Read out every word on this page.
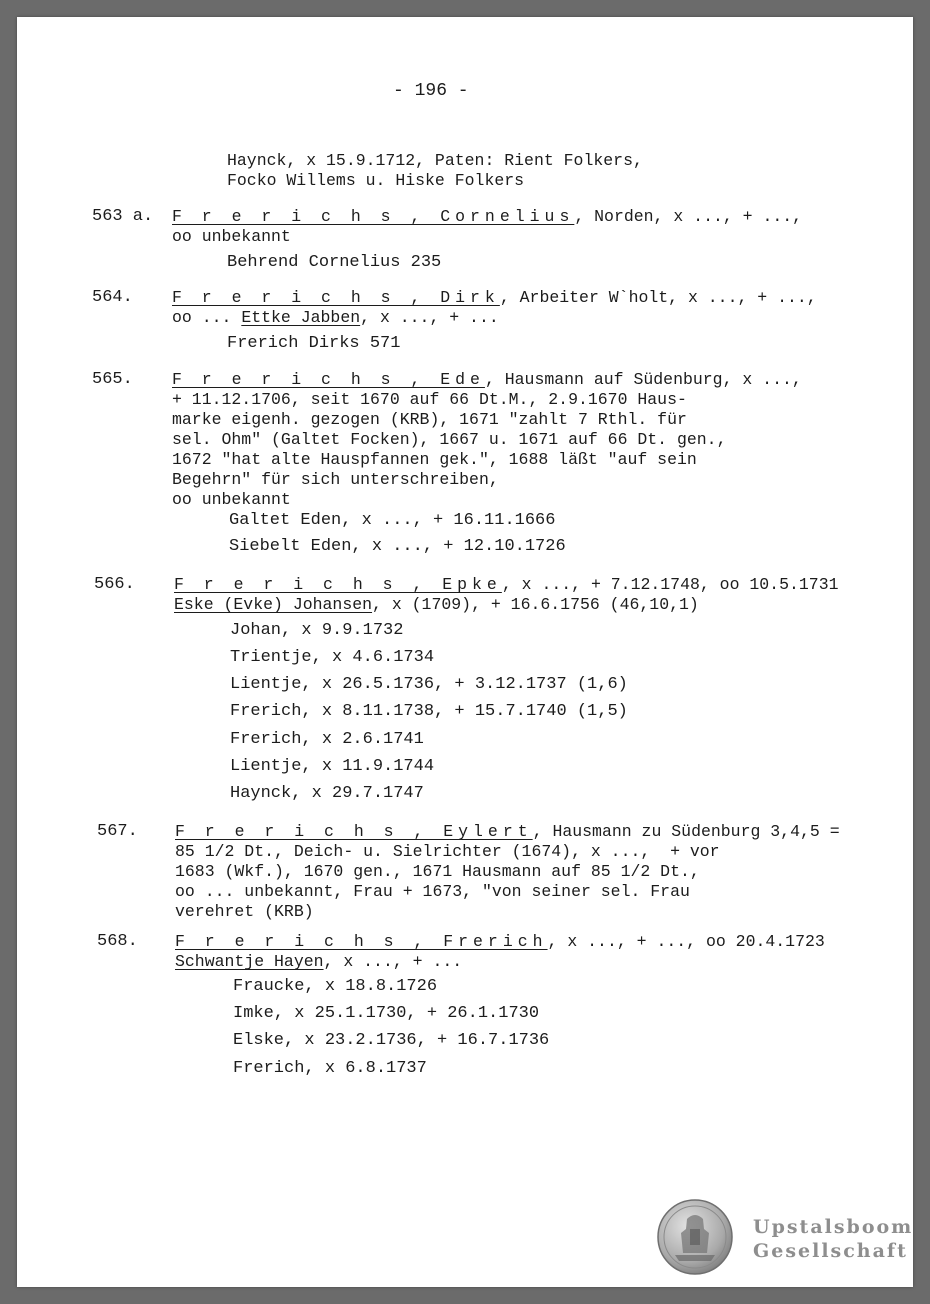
- 196 -
Haynck, x 15.9.1712, Paten: Rient Folkers,
Focko Willems u. Hiske Folkers
563 a. F r e r i c h s , Cornelius, Norden, x ..., + ...,
oo unbekannt
Behrend Cornelius 235
564. F r e r i c h s , Dirk, Arbeiter W`holt, x ..., + ...,
oo ... Ettke Jabben, x ..., + ...
Frerich Dirks 571
565. F r e r i c h s , Ede, Hausmann auf Südenburg, x ...,
+ 11.12.1706, seit 1670 auf 66 Dt.M., 2.9.1670 Haus-
marke eigenh. gezogen (KRB), 1671 "zahlt 7 Rthl. für
sel. Ohm" (Galtet Focken), 1667 u. 1671 auf 66 Dt. gen.,
1672 "hat alte Hauspfannen gek.", 1688 läßt "auf sein
Begehrn" für sich unterschreiben,
oo unbekannt
Galtet Eden, x ..., + 16.11.1666
Siebelt Eden, x ..., + 12.10.1726
566. F r e r i c h s , Epke, x ..., + 7.12.1748, oo 10.5.1731
Eske (Evke) Johansen, x (1709), + 16.6.1756 (46,10,1)
Johan, x 9.9.1732
Trientje, x 4.6.1734
Lientje, x 26.5.1736, + 3.12.1737 (1,6)
Frerich, x 8.11.1738, + 15.7.1740 (1,5)
Frerich, x 2.6.1741
Lientje, x 11.9.1744
Haynck, x 29.7.1747
567. F r e r i c h s , Eylert, Hausmann zu Südenburg 3,4,5 =
85 1/2 Dt., Deich- u. Sielrichter (1674), x ...,  + vor
1683 (Wkf.), 1670 gen., 1671 Hausmann auf 85 1/2 Dt.,
oo ... unbekannt, Frau + 1673, "von seiner sel. Frau
verehret (KRB)
568. F r e r i c h s , Frerich, x ..., + ..., oo 20.4.1723
Schwantje Hayen, x ..., + ...
Fraucke, x 18.8.1726
Imke, x 25.1.1730, + 26.1.1730
Elske, x 23.2.1736, + 16.7.1736
Frerich, x 6.8.1737
Upstalsboom
Gesellschaft
